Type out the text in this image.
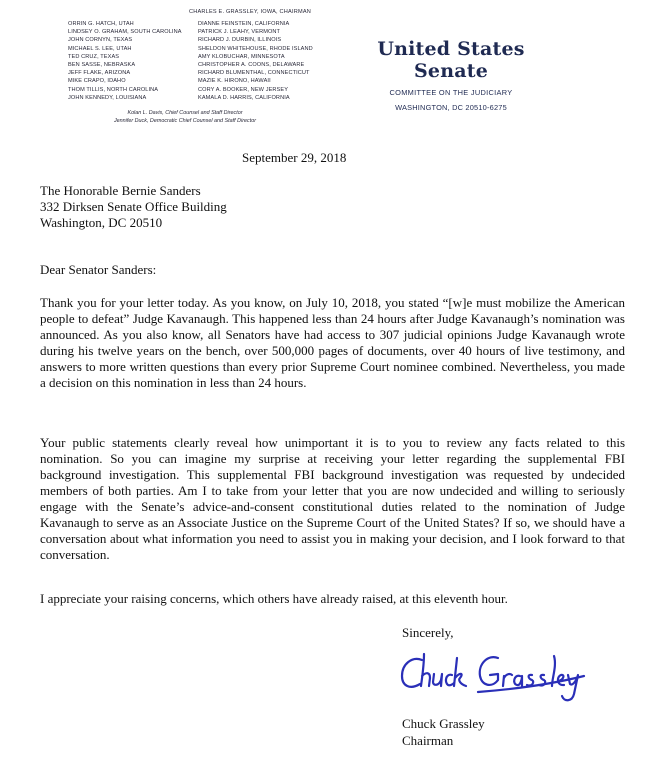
CHARLES E. GRASSLEY, IOWA, CHAIRMAN
ORRIN G. HATCH, UTAH
LINDSEY O. GRAHAM, SOUTH CAROLINA
JOHN CORNYN, TEXAS
MICHAEL S. LEE, UTAH
TED CRUZ, TEXAS
BEN SASSE, NEBRASKA
JEFF FLAKE, ARIZONA
MIKE CRAPO, IDAHO
THOM TILLIS, NORTH CAROLINA
JOHN KENNEDY, LOUISIANA
DIANNE FEINSTEIN, CALIFORNIA
PATRICK J. LEAHY, VERMONT
RICHARD J. DURBIN, ILLINOIS
SHELDON WHITEHOUSE, RHODE ISLAND
AMY KLOBUCHAR, MINNESOTA
CHRISTOPHER A. COONS, DELAWARE
RICHARD BLUMENTHAL, CONNECTICUT
MAZIE K. HIRONO, HAWAII
CORY A. BOOKER, NEW JERSEY
KAMALA D. HARRIS, CALIFORNIA
Kolan L. Davis, Chief Counsel and Staff Director
Jennifer Duck, Democratic Chief Counsel and Staff Director
United States Senate
COMMITTEE ON THE JUDICIARY
WASHINGTON, DC 20510-6275
September 29, 2018
The Honorable Bernie Sanders
332 Dirksen Senate Office Building
Washington, DC 20510
Dear Senator Sanders:

Thank you for your letter today. As you know, on July 10, 2018, you stated “[w]e must mobilize the American people to defeat” Judge Kavanaugh. This happened less than 24 hours after Judge Kavanaugh’s nomination was announced. As you also know, all Senators have had access to 307 judicial opinions Judge Kavanaugh wrote during his twelve years on the bench, over 500,000 pages of documents, over 40 hours of live testimony, and answers to more written questions than every prior Supreme Court nominee combined. Nevertheless, you made a decision on this nomination in less than 24 hours.

Your public statements clearly reveal how unimportant it is to you to review any facts related to this nomination. So you can imagine my surprise at receiving your letter regarding the supplemental FBI background investigation. This supplemental FBI background investigation was requested by undecided members of both parties. Am I to take from your letter that you are now undecided and willing to seriously engage with the Senate’s advice-and-consent constitutional duties related to the nomination of Judge Kavanaugh to serve as an Associate Justice on the Supreme Court of the United States? If so, we should have a conversation about what information you need to assist you in making your decision, and I look forward to that conversation.

I appreciate your raising concerns, which others have already raised, at this eleventh hour.

Sincerely,
Chuck Grassley
Chairman
